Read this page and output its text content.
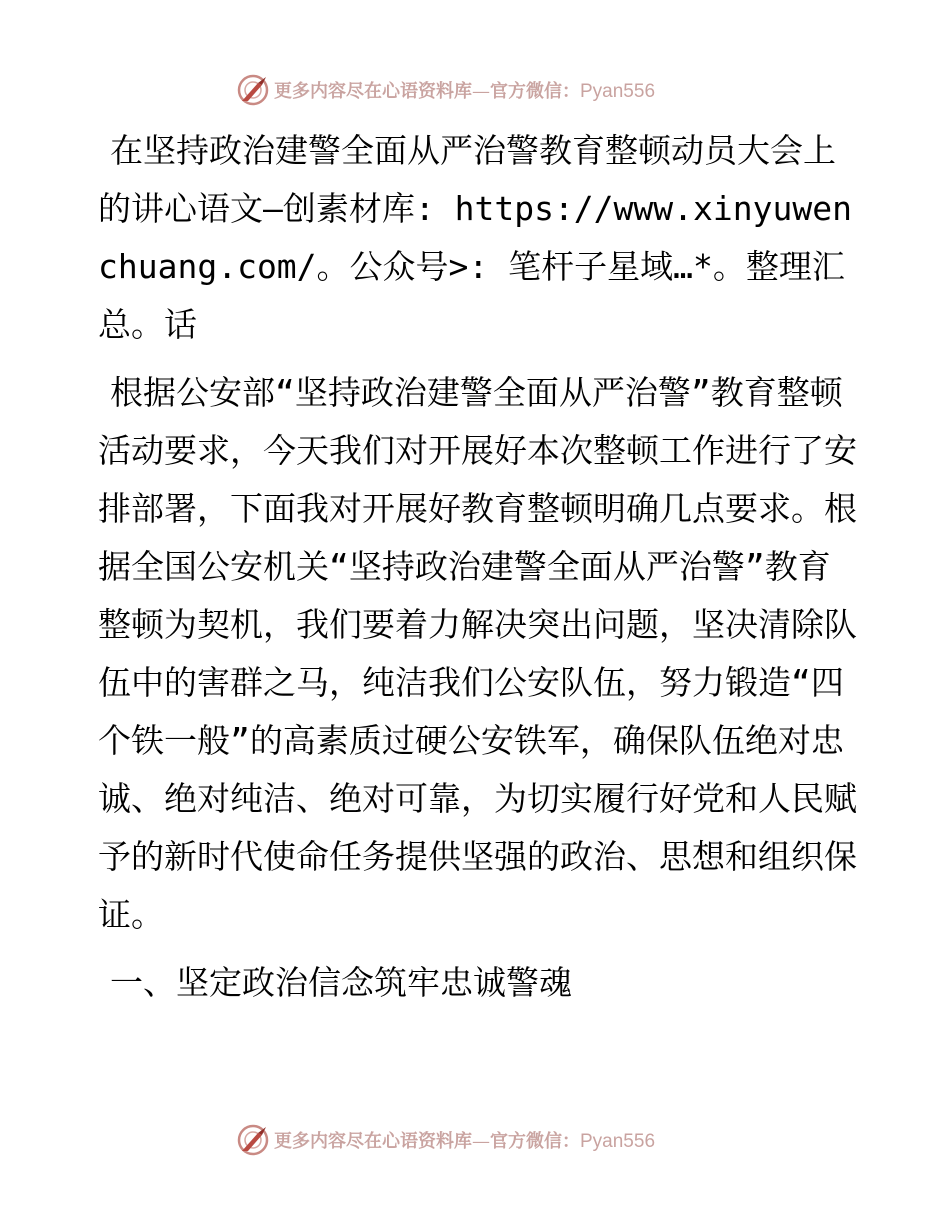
更多内容尽在心语资料库—官方微信：Pyan556

在坚持政治建警全面从严治警教育整顿动员大会上的讲心语文—创素材库: https://www.xinyuwenchuang.com/。公众号>: 笔杆子星域…*。整理汇总。话

根据公安部“坚持政治建警全面从严治警”教育整顿活动要求，今天我们对开展好本次整顿工作进行了安排部署，下面我对开展好教育整顿明确几点要求。根据全国公安机关“坚持政治建警全面从严治警”教育整顿为契机，我们要着力解决突出问题，坚决清除队伍中的害群之马，纯洁我们公安队伍，努力锻造“四个铁一般”的高素质过硬公安铁军，确保队伍绝对忠诚、绝对纯洁、绝对可靠，为切实履行好党和人民赋予的新时代使命任务提供坚强的政治、思想和组织保证。

一、坚定政治信念筑牢忠诚警魂

更多内容尽在心语资料库—官方微信：Pyan556
